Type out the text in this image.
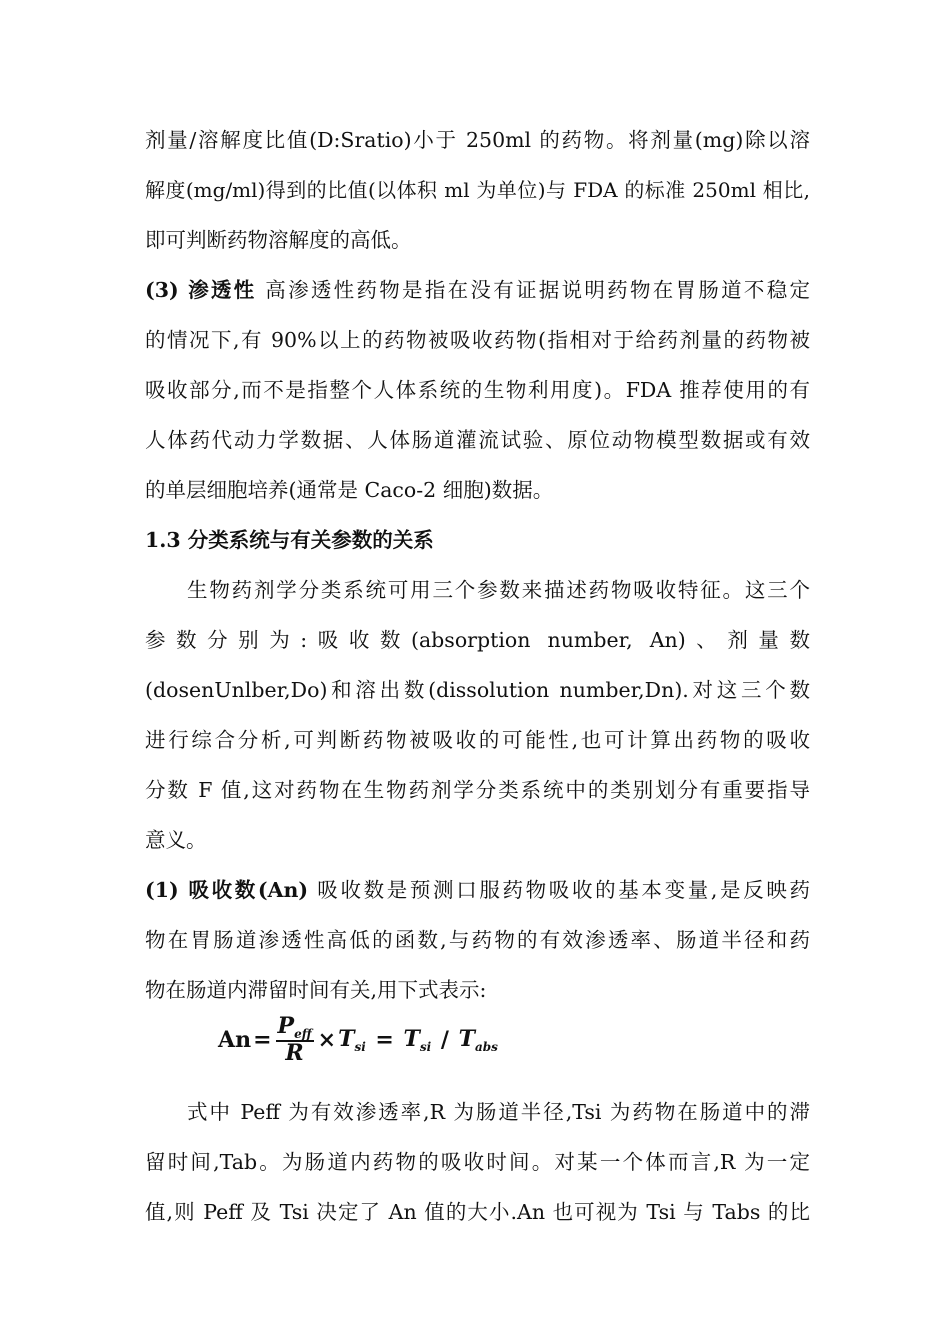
剂量/溶解度比值(D:Sratio)小于 250ml 的药物。将剂量(mg)除以溶
解度(mg/ml)得到的比值(以体积 ml 为单位)与 FDA 的标准 250ml 相比,
即可判断药物溶解度的高低。
(3) 渗透性 高渗透性药物是指在没有证据说明药物在胃肠道不稳定
的情况下,有 90%以上的药物被吸收药物(指相对于给药剂量的药物被
吸收部分,而不是指整个人体系统的生物利用度)。FDA 推荐使用的有
人体药代动力学数据、人体肠道灌流试验、原位动物模型数据或有效
的单层细胞培养(通常是 Caco-2 细胞)数据。
1.3 分类系统与有关参数的关系
生物药剂学分类系统可用三个参数来描述药物吸收特征。这三个
参数分别为:吸收数(absorption number, An)、剂量数
(dosenUnlber,Do)和溶出数(dissolution number,Dn).对这三个数
进行综合分析,可判断药物被吸收的可能性,也可计算出药物的吸收
分数 F 值,这对药物在生物药剂学分类系统中的类别划分有重要指导
意义。
(1) 吸收数(An) 吸收数是预测口服药物吸收的基本变量,是反映药
物在胃肠道渗透性高低的函数,与药物的有效渗透率、肠道半径和药
物在肠道内滞留时间有关,用下式表示:
$An = \frac{P_{eff}}{R} \times T_{si} = T_{si} / T_{abs}$
式中 Peff 为有效渗透率,R 为肠道半径,Tsi 为药物在肠道中的滞
留时间,Tab。为肠道内药物的吸收时间。对某一个体而言,R 为一定
值,则 Peff 及 Tsi 决定了 An 值的大小.An 也可视为 Tsi 与 Tabs 的比
